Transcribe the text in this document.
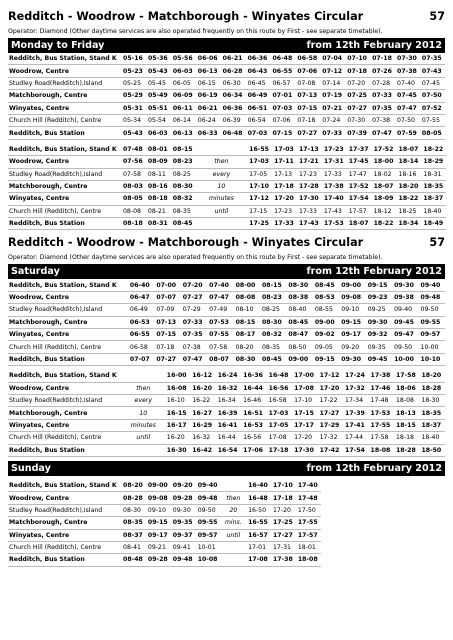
Redditch - Woodrow - Matchborough - Winyates Circular	57
Operator: Diamond (Other daytime services are also operated frequently on this route by First - see separate timetable).
Monday to Friday	from 12th February 2012
Redditch, Bus Station, Stand K	05-16	05-36	05-56	06-06	06-21	06-36	06-48	06-58	07-04	07-10	07-18	07-30	07-35
Woodrow, Centre	05-23	05-43	06-03	06-13	06-28	06-43	06-55	07-06	07-12	07-18	07-26	07-38	07-43
Studley Road(Redditch),Island	05-25	05-45	06-05	06-15	06-30	06-45	06-57	07-08	07-14	07-20	07-28	07-40	07-45
Matchborough, Centre	05-29	05-49	06-09	06-19	06-34	06-49	07-01	07-13	07-19	07-25	07-33	07-45	07-50
Winyates, Centre	05-31	05-51	06-11	06-21	06-36	06-51	07-03	07-15	07-21	07-27	07-35	07-47	07-52
Church Hill (Redditch), Centre	05-34	05-54	06-14	06-24	06-39	06-54	07-06	07-18	07-24	07-30	07-38	07-50	07-55
Redditch, Bus Station	05-43	06-03	06-13	06-33	06-48	07-03	07-15	07-27	07-33	07-39	07-47	07-59	08-05
Redditch, Bus Station, Stand K	07-48	08-01	08-15		16-55	17-03	17-13	17-23	17-37	17-52	18-07	18-22
Woodrow, Centre	07-56	08-09	08-23	then	17-03	17-11	17-21	17-31	17-45	18-00	18-14	18-29
Studley Road(Redditch),Island	07-58	08-11	08-25	every	17-05	17-13	17-23	17-33	17-47	18-02	18-16	18-31
Matchborough, Centre	08-03	08-16	08-30	10	17-10	17-18	17-28	17-38	17-52	18-07	18-20	18-35
Winyates, Centre	08-05	08-18	08-32	minutes	17-12	17-20	17-30	17-40	17-54	18-09	18-22	18-37
Church Hill (Redditch), Centre	08-08	08-21	08-35	until	17-15	17-23	17-33	17-43	17-57	18-12	18-25	18-40
Redditch, Bus Station	08-18	08-31	08-45		17-25	17-33	17-43	17-53	18-07	18-22	18-34	18-49
Redditch - Woodrow - Matchborough - Winyates Circular	57
Operator: Diamond (Other daytime services are also operated frequently on this route by First - see separate timetable).
Saturday	from 12th February 2012
Redditch, Bus Station, Stand K	06-40	07-00	07-20	07-40	08-00	08-15	08-30	08-45	09-00	09-15	09-30	09-40
Woodrow, Centre	06-47	07-07	07-27	07-47	08-08	08-23	08-38	08-53	09-08	09-23	09-38	09-48
Studley Road(Redditch),Island	06-49	07-09	07-29	07-49	08-10	08-25	08-40	08-55	09-10	09-25	09-40	09-50
Matchborough, Centre	06-53	07-13	07-33	07-53	08-15	08-30	08-45	09-00	09-15	09-30	09-45	09-55
Winyates, Centre	06-55	07-15	07-35	07-55	08-17	08-32	08-47	09-02	09-17	09-32	09-47	09-57
Church Hill (Redditch), Centre	06-58	07-18	07-38	07-58	08-20	08-35	08-50	09-05	09-20	09-35	09-50	10-00
Redditch, Bus Station	07-07	07-27	07-47	08-07	08-30	08-45	09-00	09-15	09-30	09-45	10-00	10-10
Redditch, Bus Station, Stand K		16-00	16-12	16-24	16-36	16-48	17-00	17-12	17-24	17-38	17-58	18-20
Woodrow, Centre	then	16-08	16-20	16-32	16-44	16-56	17-08	17-20	17-32	17-46	18-06	18-28
Studley Road(Redditch),Island	every	16-10	16-22	16-34	16-46	16-58	17-10	17-22	17-34	17-48	18-08	18-30
Matchborough, Centre	10	16-15	16-27	16-39	16-51	17-03	17-15	17-27	17-39	17-53	18-13	18-35
Winyates, Centre	minutes	16-17	16-29	16-41	16-53	17-05	17-17	17-29	17-41	17-55	18-15	18-37
Church Hill (Redditch), Centre	until	16-20	16-32	16-44	16-56	17-08	17-20	17-32	17-44	17-58	18-18	18-40
Redditch, Bus Station		16-30	16-42	16-54	17-06	17-18	17-30	17-42	17-54	18-08	18-28	18-50
Sunday	from 12th February 2012
Redditch, Bus Station, Stand K	08-20	09-00	09-20	09-40		16-40	17-10	17-40
Woodrow, Centre	08-28	09-08	09-28	09-48	then	16-48	17-18	17-48
Studley Road(Redditch),Island	08-30	09-10	09-30	09-50	20	16-50	17-20	17-50
Matchborough, Centre	08-35	09-15	09-35	09-55	mins.	16-55	17-25	17-55
Winyates, Centre	08-37	09-17	09-37	09-57	until	16-57	17-27	17-57
Church Hill (Redditch), Centre	08-41	09-21	09-41	10-01		17-01	17-31	18-01
Redditch, Bus Station	08-48	09-28	09-48	10-08		17-08	17-38	18-08
